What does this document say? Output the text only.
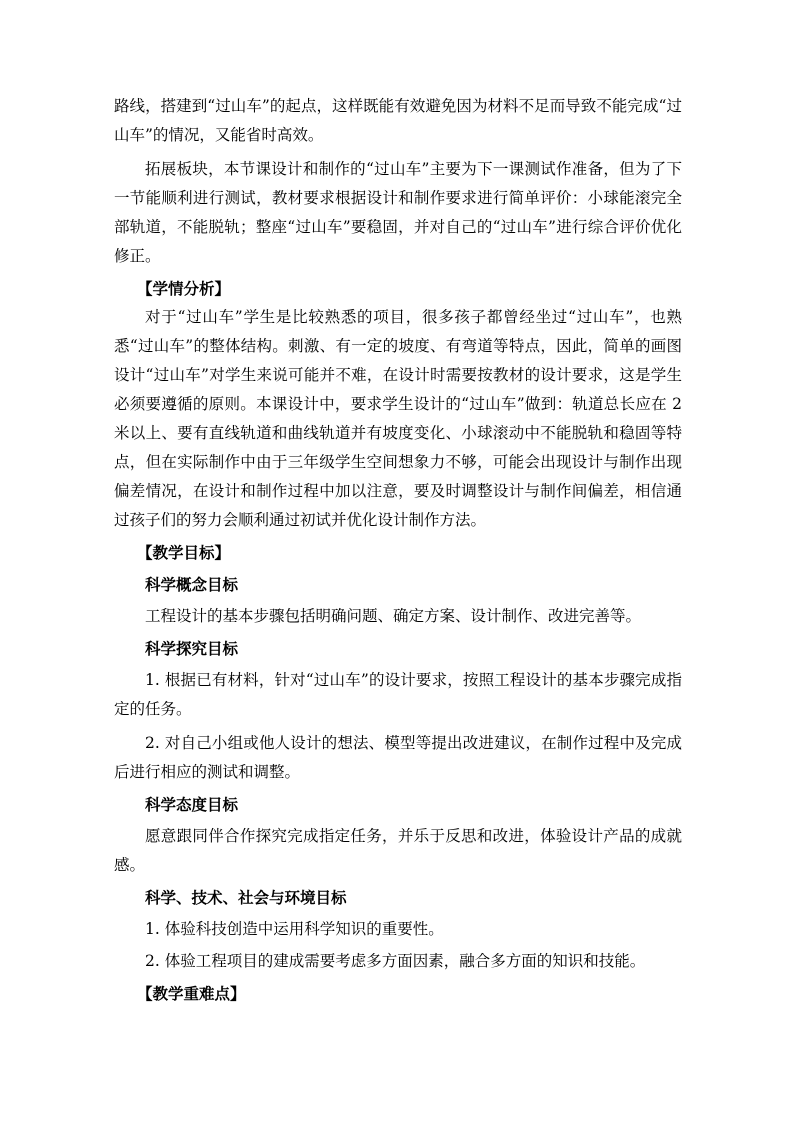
路线，搭建到“过山车”的起点，这样既能有效避免因为材料不足而导致不能完成“过山车”的情况，又能省时高效。

拓展板块，本节课设计和制作的“过山车”主要为下一课测试作准备，但为了下一节能顺利进行测试，教材要求根据设计和制作要求进行简单评价：小球能滚完全部轨道，不能脱轨；整座“过山车”要稳固，并对自己的“过山车”进行综合评价优化修正。

【学情分析】

对于“过山车”学生是比较熟悉的项目，很多孩子都曾经坐过“过山车”，也熟悉“过山车”的整体结构。刺激、有一定的坡度、有弯道等特点，因此，简单的画图设计“过山车”对学生来说可能并不难，在设计时需要按教材的设计要求，这是学生必须要遵循的原则。本课设计中，要求学生设计的“过山车”做到：轨道总长应在 2 米以上、要有直线轨道和曲线轨道并有坡度变化、小球滚动中不能脱轨和稳固等特点，但在实际制作中由于三年级学生空间想象力不够，可能会出现设计与制作出现偏差情况，在设计和制作过程中加以注意，要及时调整设计与制作间偏差，相信通过孩子们的努力会顺利通过初试并优化设计制作方法。

【教学目标】

科学概念目标

工程设计的基本步骤包括明确问题、确定方案、设计制作、改进完善等。

科学探究目标

1. 根据已有材料，针对“过山车”的设计要求，按照工程设计的基本步骤完成指定的任务。

2. 对自己小组或他人设计的想法、模型等提出改进建议，在制作过程中及完成后进行相应的测试和调整。

科学态度目标

愿意跟同伴合作探究完成指定任务，并乐于反思和改进，体验设计产品的成就感。

科学、技术、社会与环境目标

1. 体验科技创造中运用科学知识的重要性。

2. 体验工程项目的建成需要考虑多方面因素，融合多方面的知识和技能。

【教学重难点】
